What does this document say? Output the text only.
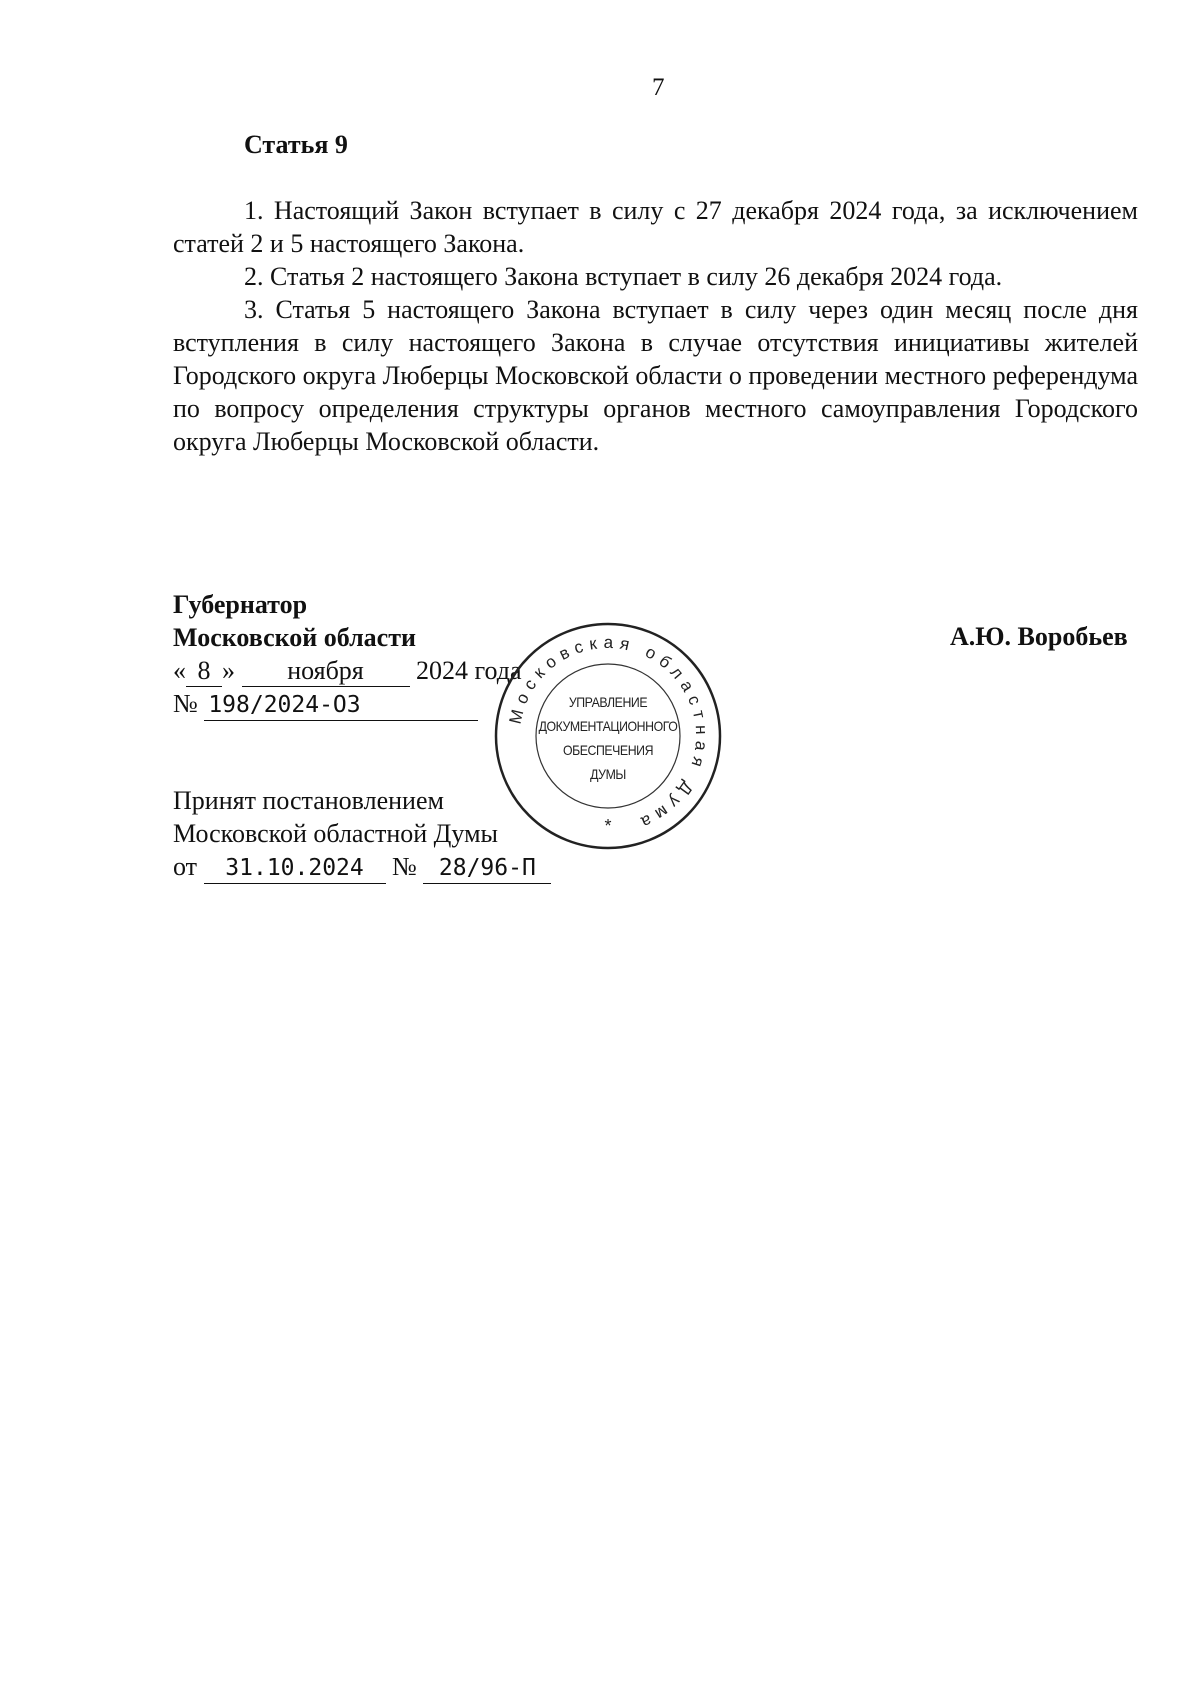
7
Статья 9

1. Настоящий Закон вступает в силу с 27 декабря 2024 года, за исключением статей 2 и 5 настоящего Закона.

2. Статья 2 настоящего Закона вступает в силу 26 декабря 2024 года.

3. Статья 5 настоящего Закона вступает в силу через один месяц после дня вступления в силу настоящего Закона в случае отсутствия инициативы жителей Городского округа Люберцы Московской области о проведении местного референдума по вопросу определения структуры органов местного самоуправления Городского округа Люберцы Московской области.

Губернатор
Московской области
« 8 » ноября 2024 года
№ 198/2024-ОЗ
А.Ю. Воробьев
Принят постановлением
Московской областной Думы
от 31.10.2024 № 28/96-П
Московская областная Дума
*
УПРАВЛЕНИЕ
ДОКУМЕНТАЦИОННОГО
ОБЕСПЕЧЕНИЯ
ДУМЫ
